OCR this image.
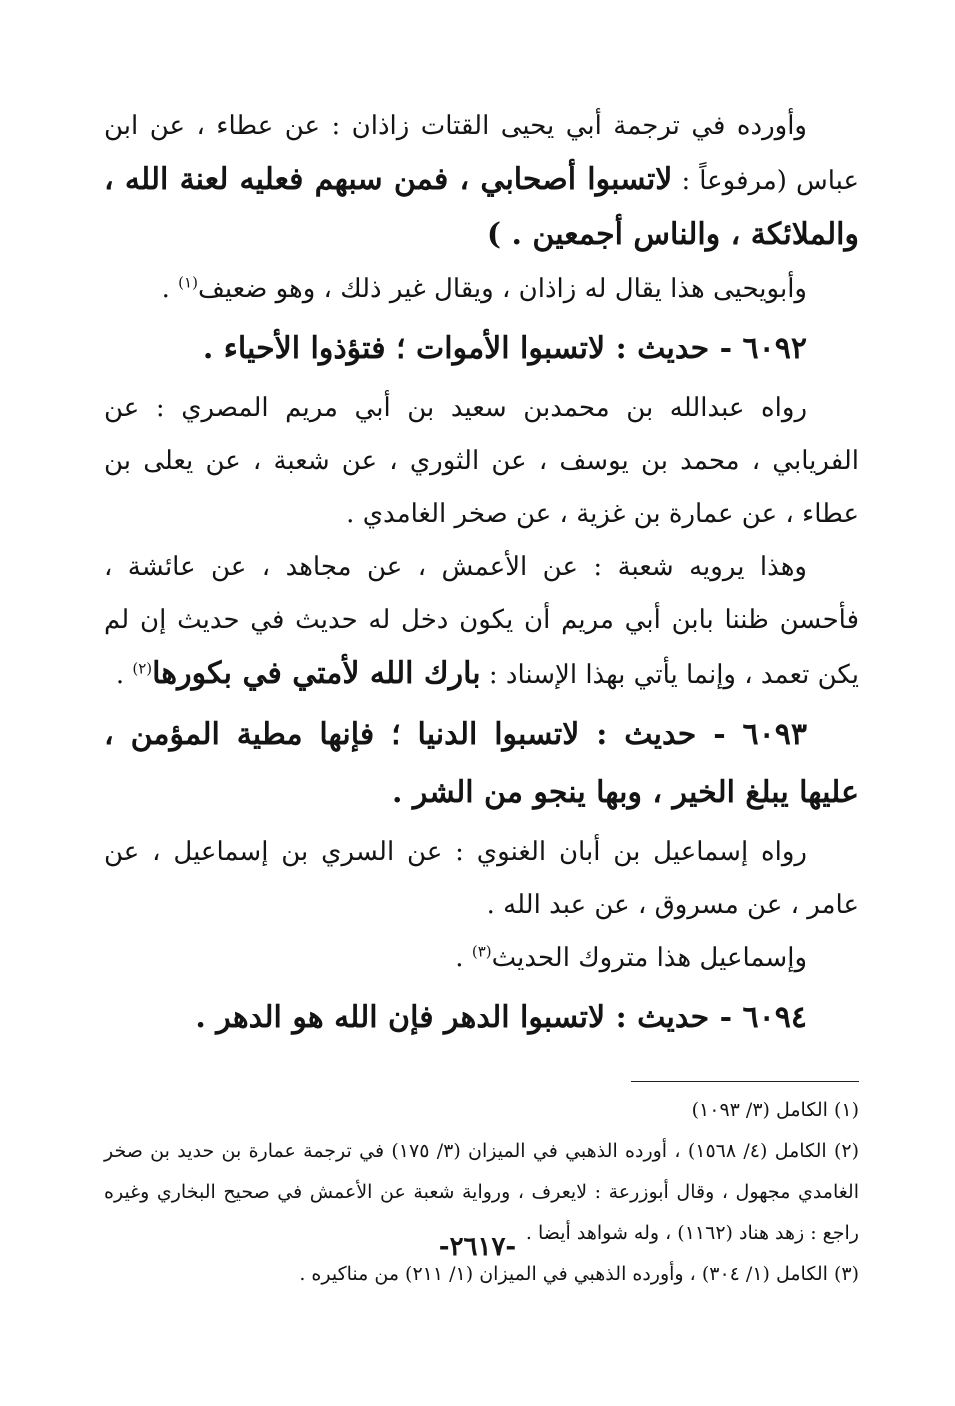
وأورده في ترجمة أبي يحيى القتات زاذان : عن عطاء ، عن ابن عباس (مرفوعاً : لاتسبوا أصحابي ، فمن سبهم فعليه لعنة الله ، والملائكة ، والناس أجمعين . )

وأبويحيى هذا يقال له زاذان ، ويقال غير ذلك ، وهو ضعيف$^{(١)}$ .

٦٠٩٢ - حديث : لاتسبوا الأموات ؛ فتؤذوا الأحياء .

رواه عبدالله بن محمدبن سعيد بن أبي مريم المصري : عن الفريابي ، محمد بن يوسف ، عن الثوري ، عن شعبة ، عن يعلى بن عطاء ، عن عمارة بن غزية ، عن صخر الغامدي .

وهذا يرويه شعبة : عن الأعمش ، عن مجاهد ، عن عائشة ، فأحسن ظننا بابن أبي مريم أن يكون دخل له حديث في حديث إن لم يكن تعمد ، وإنما يأتي بهذا الإسناد : بارك الله لأمتي في بكورها$^{(٢)}$ .

٦٠٩٣ - حديث : لاتسبوا الدنيا ؛ فإنها مطية المؤمن ، عليها يبلغ الخير ، وبها ينجو من الشر .

رواه إسماعيل بن أبان الغنوي : عن السري بن إسماعيل ، عن عامر ، عن مسروق ، عن عبد الله .

وإسماعيل هذا متروك الحديث$^{(٣)}$ .

٦٠٩٤ - حديث : لاتسبوا الدهر فإن الله هو الدهر .

(١) الكامل (٣/ ١٠٩٣)

(٢) الكامل (٤/ ١٥٦٨) ، أورده الذهبي في الميزان (٣/ ١٧٥) في ترجمة عمارة بن حديد بن صخر الغامدي مجهول ، وقال أبوزرعة : لايعرف ، ورواية شعبة عن الأعمش في صحيح البخاري وغيره راجع : زهد هناد (١١٦٢) ، وله شواهد أيضا .

(٣) الكامل (١/ ٣٠٤) ، وأورده الذهبي في الميزان (١/ ٢١١) من مناكيره .

-٢٦١٧-
